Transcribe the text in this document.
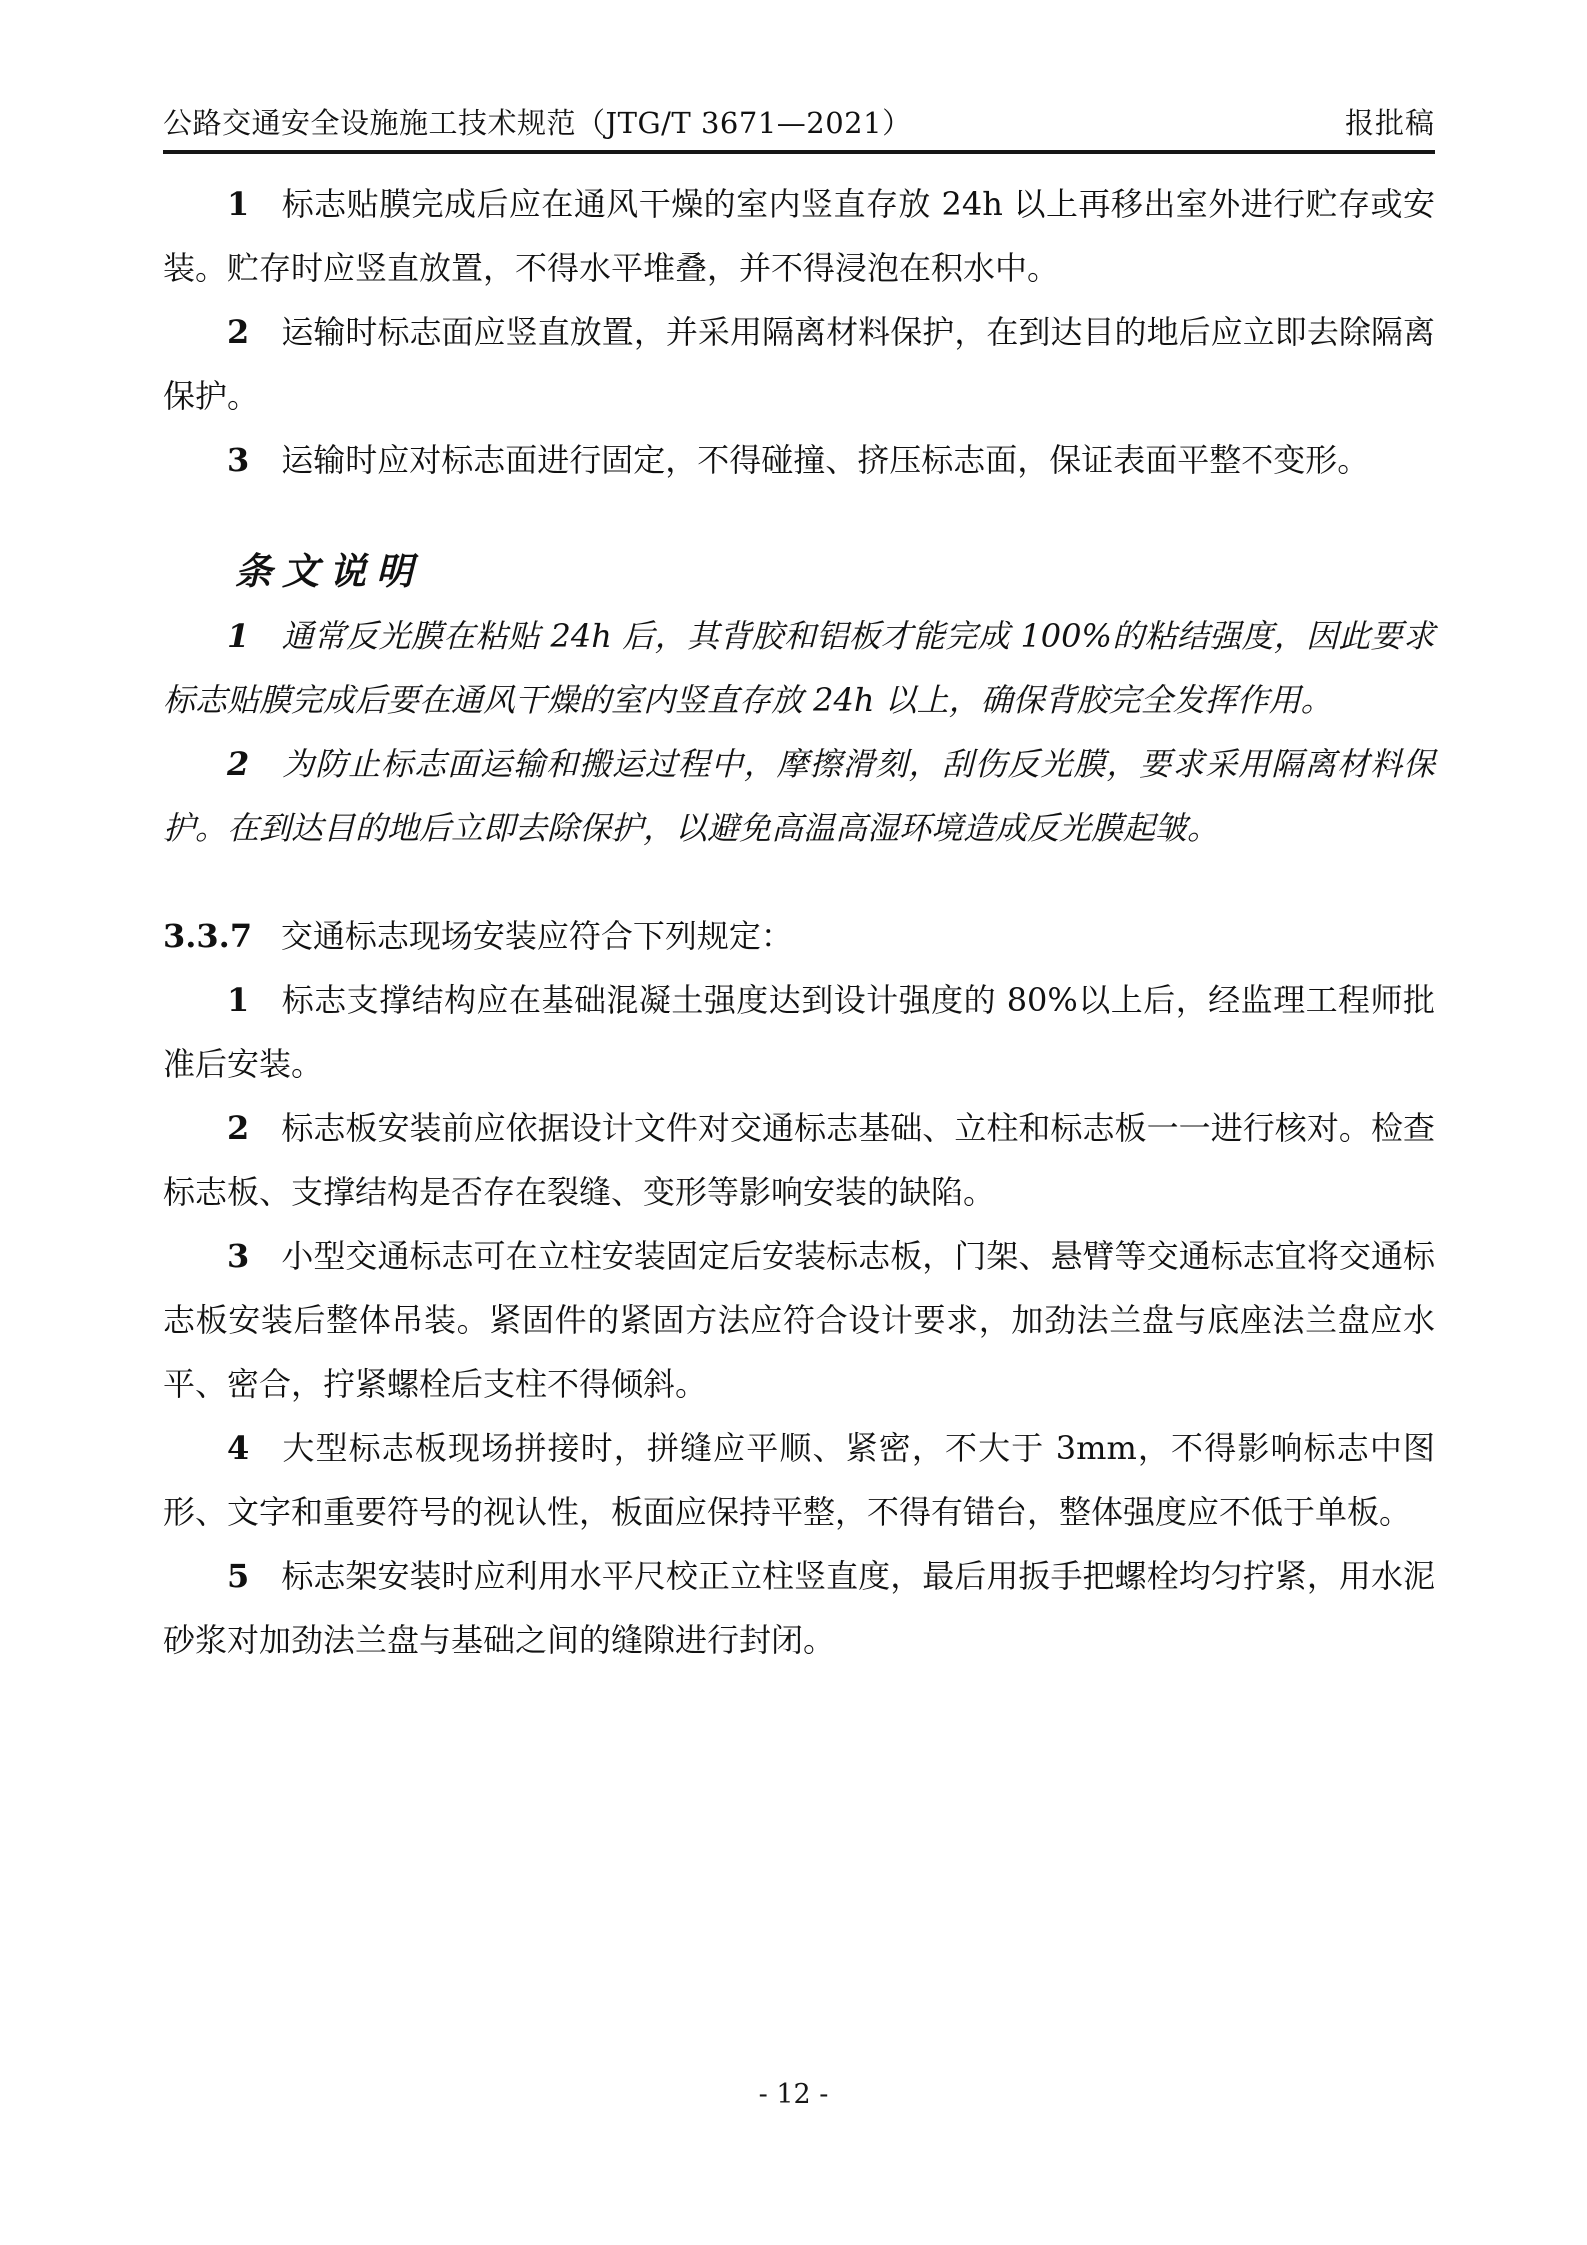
公路交通安全设施施工技术规范（JTG/T 3671—2021）	报批稿

1 标志贴膜完成后应在通风干燥的室内竖直存放 24h 以上再移出室外进行贮存或安装。贮存时应竖直放置，不得水平堆叠，并不得浸泡在积水中。

2 运输时标志面应竖直放置，并采用隔离材料保护，在到达目的地后应立即去除隔离保护。

3 运输时应对标志面进行固定，不得碰撞、挤压标志面，保证表面平整不变形。

条文说明

1 通常反光膜在粘贴 24h 后，其背胶和铝板才能完成 100%的粘结强度，因此要求标志贴膜完成后要在通风干燥的室内竖直存放 24h 以上，确保背胶完全发挥作用。

2 为防止标志面运输和搬运过程中，摩擦滑刻，刮伤反光膜，要求采用隔离材料保护。在到达目的地后立即去除保护，以避免高温高湿环境造成反光膜起皱。

3.3.7 交通标志现场安装应符合下列规定：

1 标志支撑结构应在基础混凝土强度达到设计强度的 80%以上后，经监理工程师批准后安装。

2 标志板安装前应依据设计文件对交通标志基础、立柱和标志板一一进行核对。检查标志板、支撑结构是否存在裂缝、变形等影响安装的缺陷。

3 小型交通标志可在立柱安装固定后安装标志板，门架、悬臂等交通标志宜将交通标志板安装后整体吊装。紧固件的紧固方法应符合设计要求，加劲法兰盘与底座法兰盘应水平、密合，拧紧螺栓后支柱不得倾斜。

4 大型标志板现场拼接时，拼缝应平顺、紧密，不大于 3mm，不得影响标志中图形、文字和重要符号的视认性，板面应保持平整，不得有错台，整体强度应不低于单板。

5 标志架安装时应利用水平尺校正立柱竖直度，最后用扳手把螺栓均匀拧紧，用水泥砂浆对加劲法兰盘与基础之间的缝隙进行封闭。

- 12 -
